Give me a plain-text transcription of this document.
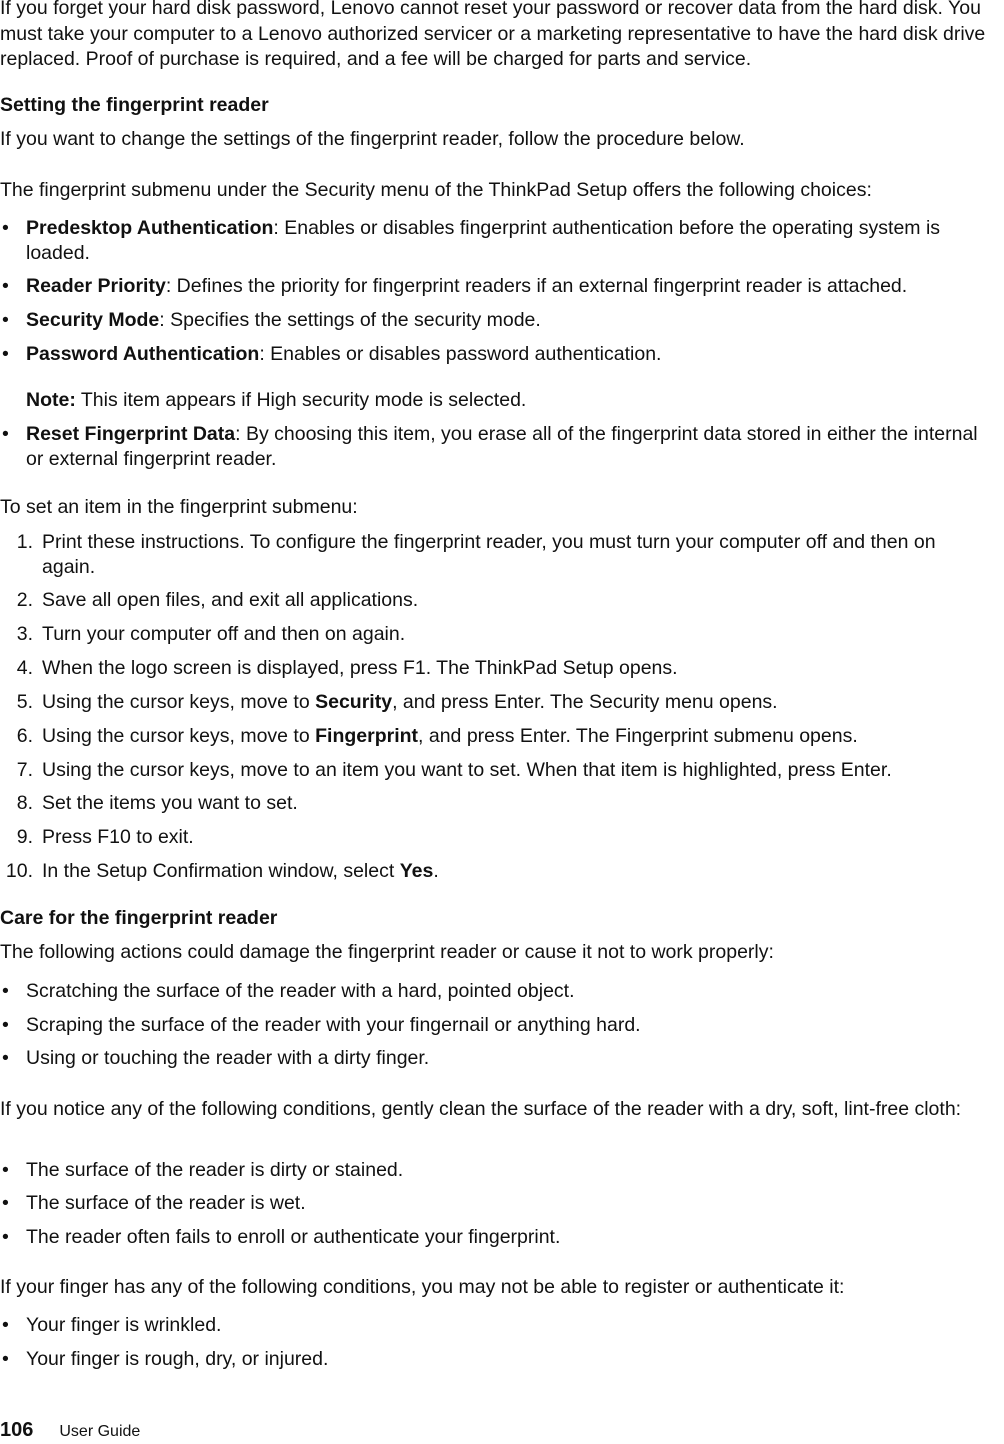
If you forget your hard disk password, Lenovo cannot reset your password or recover data from the hard disk. You must take your computer to a Lenovo authorized servicer or a marketing representative to have the hard disk drive replaced. Proof of purchase is required, and a fee will be charged for parts and service.

Setting the fingerprint reader

If you want to change the settings of the fingerprint reader, follow the procedure below.

The fingerprint submenu under the Security menu of the ThinkPad Setup offers the following choices:

• Predesktop Authentication: Enables or disables fingerprint authentication before the operating system is loaded.
• Reader Priority: Defines the priority for fingerprint readers if an external fingerprint reader is attached.
• Security Mode: Specifies the settings of the security mode.
• Password Authentication: Enables or disables password authentication.

Note: This item appears if High security mode is selected.

• Reset Fingerprint Data: By choosing this item, you erase all of the fingerprint data stored in either the internal or external fingerprint reader.

To set an item in the fingerprint submenu:

1. Print these instructions. To configure the fingerprint reader, you must turn your computer off and then on again.
2. Save all open files, and exit all applications.
3. Turn your computer off and then on again.
4. When the logo screen is displayed, press F1. The ThinkPad Setup opens.
5. Using the cursor keys, move to Security, and press Enter. The Security menu opens.
6. Using the cursor keys, move to Fingerprint, and press Enter. The Fingerprint submenu opens.
7. Using the cursor keys, move to an item you want to set. When that item is highlighted, press Enter.
8. Set the items you want to set.
9. Press F10 to exit.
10. In the Setup Confirmation window, select Yes.

Care for the fingerprint reader

The following actions could damage the fingerprint reader or cause it not to work properly:

• Scratching the surface of the reader with a hard, pointed object.
• Scraping the surface of the reader with your fingernail or anything hard.
• Using or touching the reader with a dirty finger.

If you notice any of the following conditions, gently clean the surface of the reader with a dry, soft, lint-free cloth:

• The surface of the reader is dirty or stained.
• The surface of the reader is wet.
• The reader often fails to enroll or authenticate your fingerprint.

If your finger has any of the following conditions, you may not be able to register or authenticate it:

• Your finger is wrinkled.
• Your finger is rough, dry, or injured.
106 User Guide
